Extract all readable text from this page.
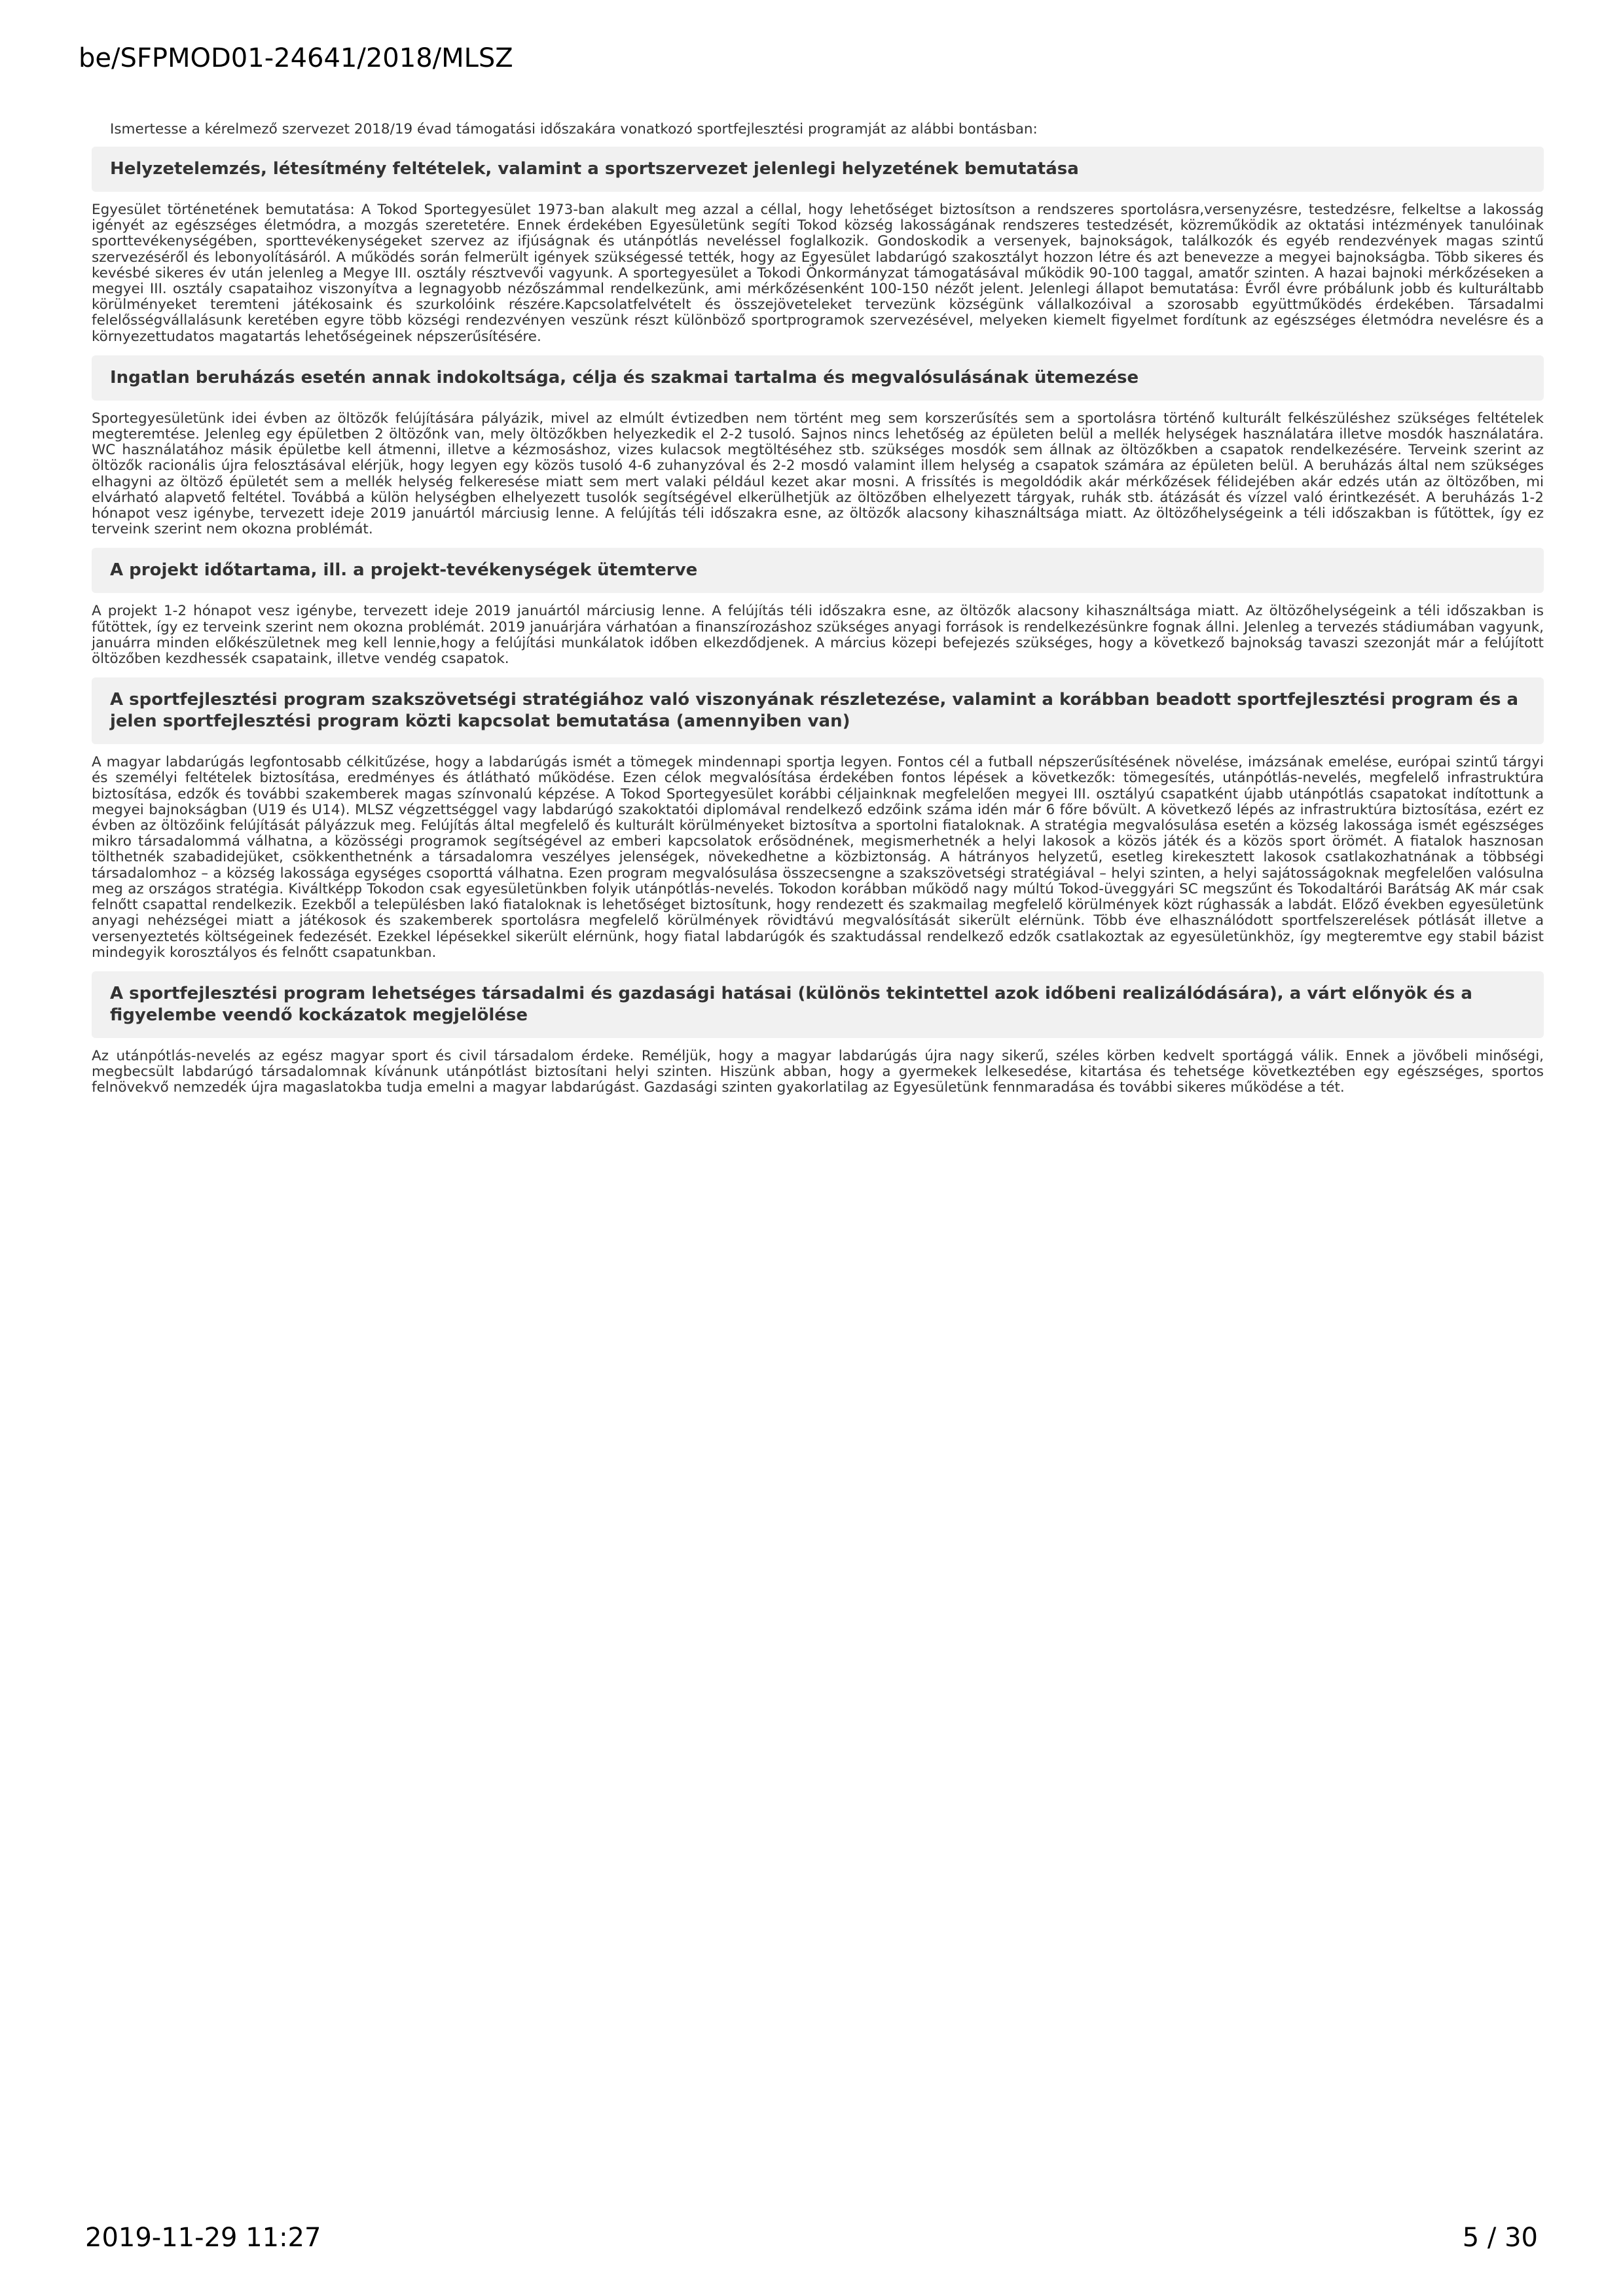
be/SFPMOD01-24641/2018/MLSZ

Ismertesse a kérelmező szervezet 2018/19 évad támogatási időszakára vonatkozó sportfejlesztési programját az alábbi bontásban:

Helyzetelemzés, létesítmény feltételek, valamint a sportszervezet jelenlegi helyzetének bemutatása

Egyesület történetének bemutatása: A Tokod Sportegyesület 1973-ban alakult meg azzal a céllal, hogy lehetőséget biztosítson a rendszeres sportolásra,versenyzésre, testedzésre, felkeltse a lakosság igényét az egészséges életmódra, a mozgás szeretetére. Ennek érdekében Egyesületünk segíti Tokod község lakosságának rendszeres testedzését, közreműködik az oktatási intézmények tanulóinak sporttevékenységében, sporttevékenységeket szervez az ifjúságnak és utánpótlás neveléssel foglalkozik. Gondoskodik a versenyek, bajnokságok, találkozók és egyéb rendezvények magas szintű szervezéséről és lebonyolításáról. A működés során felmerült igények szükségessé tették, hogy az Egyesület labdarúgó szakosztályt hozzon létre és azt benevezze a megyei bajnokságba. Több sikeres és kevésbé sikeres év után jelenleg a Megye III. osztály résztvevői vagyunk. A sportegyesület a Tokodi Önkormányzat támogatásával működik 90-100 taggal, amatőr szinten. A hazai bajnoki mérkőzéseken a megyei III. osztály csapataihoz viszonyítva a legnagyobb nézőszámmal rendelkezünk, ami mérkőzésenként 100-150 nézőt jelent. Jelenlegi állapot bemutatása: Évről évre próbálunk jobb és kulturáltabb körülményeket teremteni játékosaink és szurkolóink részére.Kapcsolatfelvételt és összejöveteleket tervezünk községünk vállalkozóival a szorosabb együttműködés érdekében. Társadalmi felelősségvállalásunk keretében egyre több községi rendezvényen veszünk részt különböző sportprogramok szervezésével, melyeken kiemelt figyelmet fordítunk az egészséges életmódra nevelésre és a környezettudatos magatartás lehetőségeinek népszerűsítésére.

Ingatlan beruházás esetén annak indokoltsága, célja és szakmai tartalma és megvalósulásának ütemezése

Sportegyesületünk idei évben az öltözők felújítására pályázik, mivel az elmúlt évtizedben nem történt meg sem korszerűsítés sem a sportolásra történő kulturált felkészüléshez szükséges feltételek megteremtése. Jelenleg egy épületben 2 öltözőnk van, mely öltözőkben helyezkedik el 2-2 tusoló. Sajnos nincs lehetőség az épületen belül a mellék helységek használatára illetve mosdók használatára. WC használatához másik épületbe kell átmenni, illetve a kézmosáshoz, vizes kulacsok megtöltéséhez stb. szükséges mosdók sem állnak az öltözőkben a csapatok rendelkezésére. Terveink szerint az öltözők racionális újra felosztásával elérjük, hogy legyen egy közös tusoló 4-6 zuhanyzóval és 2-2 mosdó valamint illem helység a csapatok számára az épületen belül. A beruházás által nem szükséges elhagyni az öltöző épületét sem a mellék helység felkeresése miatt sem mert valaki például kezet akar mosni. A frissítés is megoldódik akár mérkőzések félidejében akár edzés után az öltözőben, mi elvárható alapvető feltétel. Továbbá a külön helységben elhelyezett tusolók segítségével elkerülhetjük az öltözőben elhelyezett tárgyak, ruhák stb. átázását és vízzel való érintkezését. A beruházás 1-2 hónapot vesz igénybe, tervezett ideje 2019 januártól márciusig lenne. A felújítás téli időszakra esne, az öltözők alacsony kihasználtsága miatt. Az öltözőhelységeink a téli időszakban is fűtöttek, így ez terveink szerint nem okozna problémát.

A projekt időtartama, ill. a projekt-tevékenységek ütemterve

A projekt 1-2 hónapot vesz igénybe, tervezett ideje 2019 januártól márciusig lenne. A felújítás téli időszakra esne, az öltözők alacsony kihasználtsága miatt. Az öltözőhelységeink a téli időszakban is fűtöttek, így ez terveink szerint nem okozna problémát. 2019 januárjára várhatóan a finanszírozáshoz szükséges anyagi források is rendelkezésünkre fognak állni. Jelenleg a tervezés stádiumában vagyunk, januárra minden előkészületnek meg kell lennie,hogy a felújítási munkálatok időben elkezdődjenek. A március közepi befejezés szükséges, hogy a következő bajnokság tavaszi szezonját már a felújított öltözőben kezdhessék csapataink, illetve vendég csapatok.

A sportfejlesztési program szakszövetségi stratégiához való viszonyának részletezése, valamint a korábban beadott sportfejlesztési program és a jelen sportfejlesztési program közti kapcsolat bemutatása (amennyiben van)

A magyar labdarúgás legfontosabb célkitűzése, hogy a labdarúgás ismét a tömegek mindennapi sportja legyen. Fontos cél a futball népszerűsítésének növelése, imázsának emelése, európai szintű tárgyi és személyi feltételek biztosítása, eredményes és átlátható működése. Ezen célok megvalósítása érdekében fontos lépések a következők: tömegesítés, utánpótlás-nevelés, megfelelő infrastruktúra biztosítása, edzők és további szakemberek magas színvonalú képzése. A Tokod Sportegyesület korábbi céljainknak megfelelően megyei III. osztályú csapatként újabb utánpótlás csapatokat indítottunk a megyei bajnokságban (U19 és U14). MLSZ végzettséggel vagy labdarúgó szakoktatói diplomával rendelkező edzőink száma idén már 6 főre bővült. A következő lépés az infrastruktúra biztosítása, ezért ez évben az öltözőink felújítását pályázzuk meg. Felújítás által megfelelő és kulturált körülményeket biztosítva a sportolni fiataloknak. A stratégia megvalósulása esetén a község lakossága ismét egészséges mikro társadalommá válhatna, a közösségi programok segítségével az emberi kapcsolatok erősödnének, megismerhetnék a helyi lakosok a közös játék és a közös sport örömét. A fiatalok hasznosan tölthetnék szabadidejüket, csökkenthetnénk a társadalomra veszélyes jelenségek, növekedhetne a közbiztonság. A hátrányos helyzetű, esetleg kirekesztett lakosok csatlakozhatnának a többségi társadalomhoz – a község lakossága egységes csoporttá válhatna. Ezen program megvalósulása összecsengne a szakszövetségi stratégiával – helyi szinten, a helyi sajátosságoknak megfelelően valósulna meg az országos stratégia. Kiváltképp Tokodon csak egyesületünkben folyik utánpótlás-nevelés. Tokodon korábban működő nagy múltú Tokod-üveggyári SC megszűnt és Tokodaltárói Barátság AK már csak felnőtt csapattal rendelkezik. Ezekből a településben lakó fiataloknak is lehetőséget biztosítunk, hogy rendezett és szakmailag megfelelő körülmények közt rúghassák a labdát. Előző években egyesületünk anyagi nehézségei miatt a játékosok és szakemberek sportolásra megfelelő körülmények rövidtávú megvalósítását sikerült elérnünk. Több éve elhasználódott sportfelszerelések pótlását illetve a versenyeztetés költségeinek fedezését. Ezekkel lépésekkel sikerült elérnünk, hogy fiatal labdarúgók és szaktudással rendelkező edzők csatlakoztak az egyesületünkhöz, így megteremtve egy stabil bázist mindegyik korosztályos és felnőtt csapatunkban.

A sportfejlesztési program lehetséges társadalmi és gazdasági hatásai (különös tekintettel azok időbeni realizálódására), a várt előnyök és a figyelembe veendő kockázatok megjelölése

Az utánpótlás-nevelés az egész magyar sport és civil társadalom érdeke. Reméljük, hogy a magyar labdarúgás újra nagy sikerű, széles körben kedvelt sportággá válik. Ennek a jövőbeli minőségi, megbecsült labdarúgó társadalomnak kívánunk utánpótlást biztosítani helyi szinten. Hiszünk abban, hogy a gyermekek lelkesedése, kitartása és tehetsége következtében egy egészséges, sportos felnövekvő nemzedék újra magaslatokba tudja emelni a magyar labdarúgást. Gazdasági szinten gyakorlatilag az Egyesületünk fennmaradása és további sikeres működése a tét.

2019-11-29 11:27	5 / 30
